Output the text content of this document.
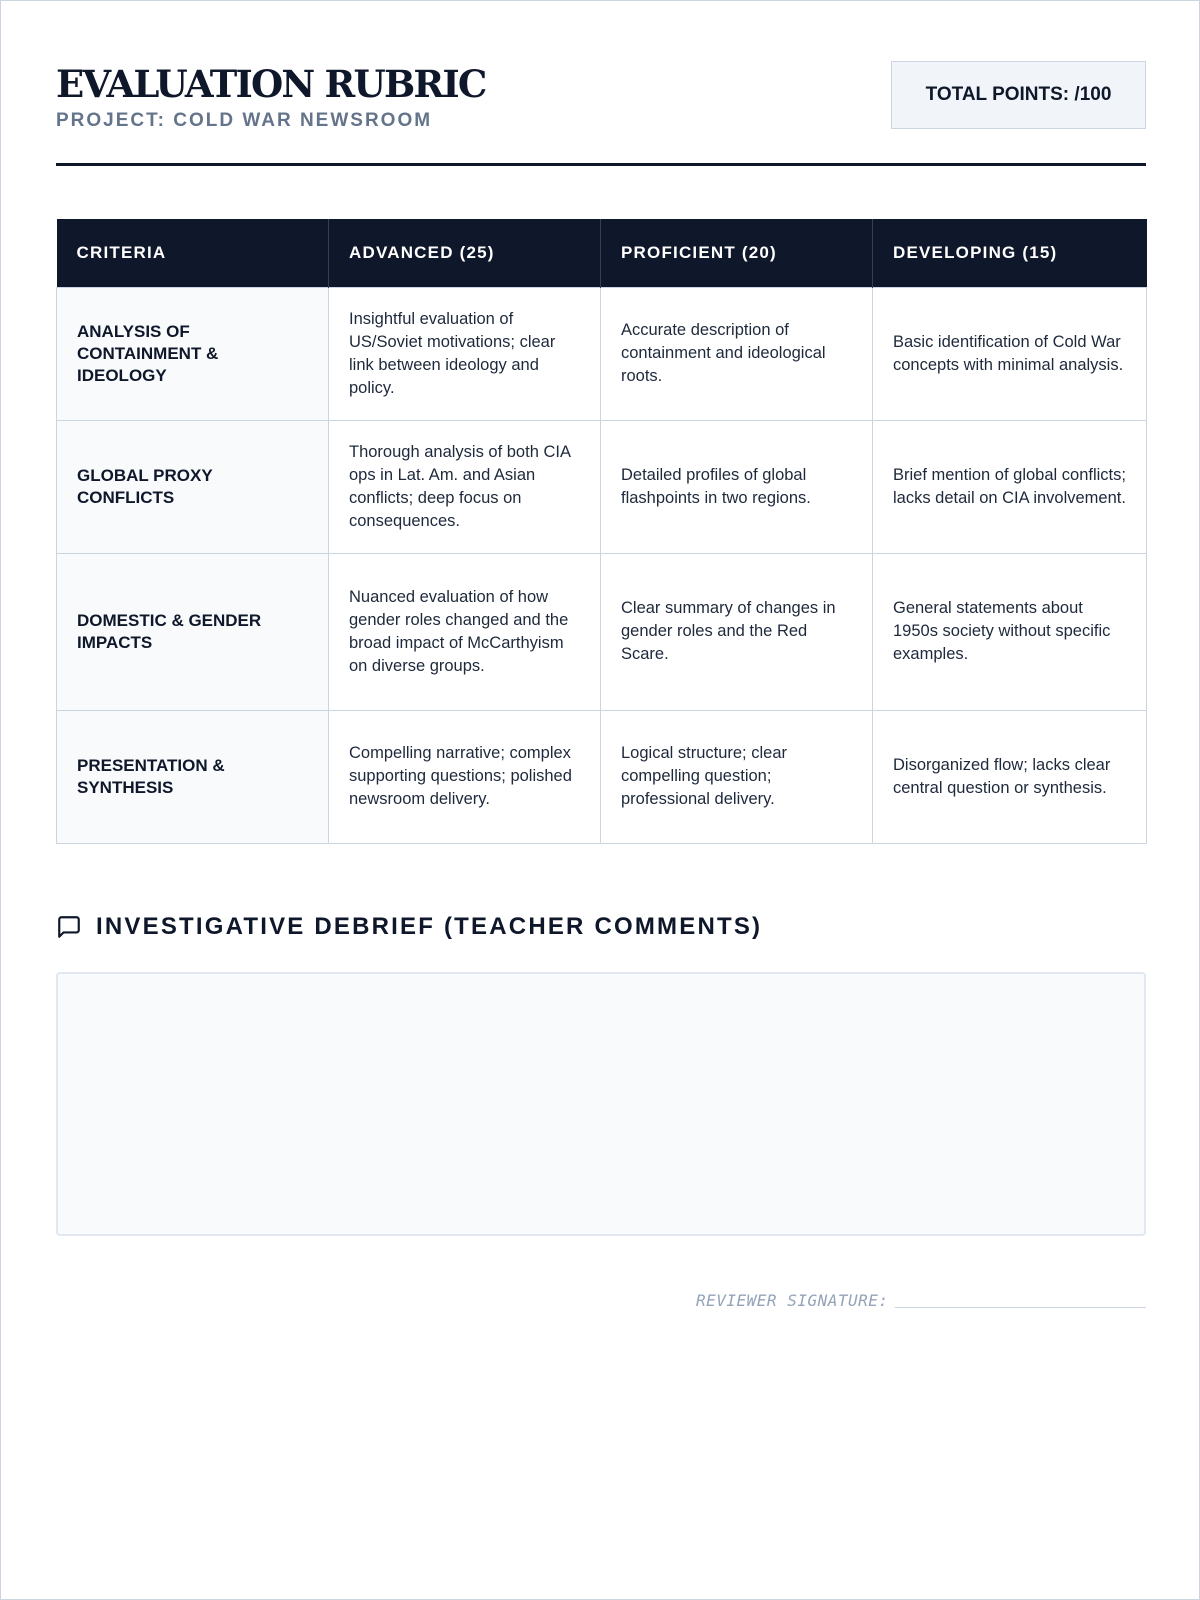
EVALUATION RUBRIC
PROJECT: COLD WAR NEWSROOM
TOTAL POINTS: /100
CRITERIA	ADVANCED (25)	PROFICIENT (20)	DEVELOPING (15)
ANALYSIS OF CONTAINMENT & IDEOLOGY	Insightful evaluation of US/Soviet motivations; clear link between ideology and policy.	Accurate description of containment and ideological roots.	Basic identification of Cold War concepts with minimal analysis.
GLOBAL PROXY CONFLICTS	Thorough analysis of both CIA ops in Lat. Am. and Asian conflicts; deep focus on consequences.	Detailed profiles of global flashpoints in two regions.	Brief mention of global conflicts; lacks detail on CIA involvement.
DOMESTIC & GENDER IMPACTS	Nuanced evaluation of how gender roles changed and the broad impact of McCarthyism on diverse groups.	Clear summary of changes in gender roles and the Red Scare.	General statements about 1950s society without specific examples.
PRESENTATION & SYNTHESIS	Compelling narrative; complex supporting questions; polished newsroom delivery.	Logical structure; clear compelling question; professional delivery.	Disorganized flow; lacks clear central question or synthesis.
INVESTIGATIVE DEBRIEF (TEACHER COMMENTS)
REVIEWER SIGNATURE:
